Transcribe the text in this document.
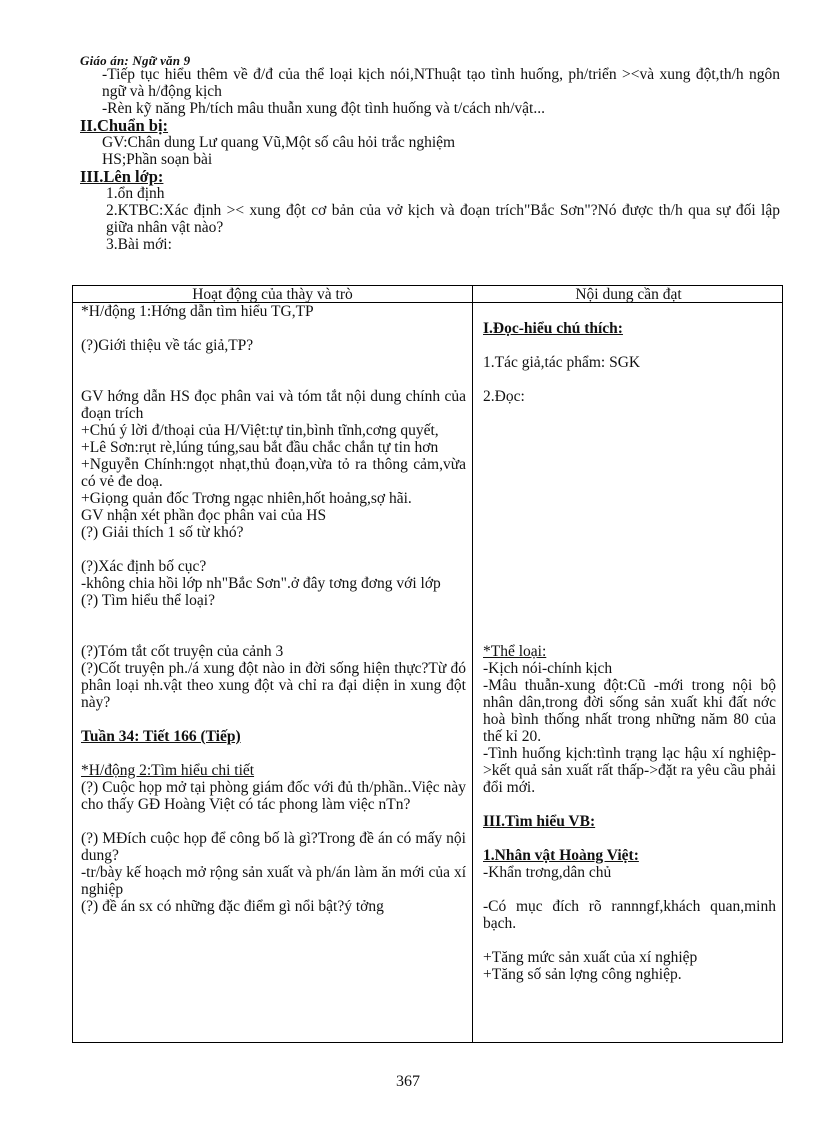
Giáo án: Ngữ văn 9

-Tiếp tục hiểu thêm về đ/đ của thể loại kịch nói,NThuật tạo tình huống, ph/triển ><và xung đột,th/h ngôn ngữ và h/động kịch

-Rèn kỹ năng Ph/tích mâu thuẫn xung đột tình huống và t/cách nh/vật...

II.Chuẩn bị:

GV:Chân dung Lư quang Vũ,Một số câu hỏi trắc nghiệm

HS;Phần soạn bài

III.Lên lớp:

1.ổn định

2.KTBC:Xác định >< xung đột cơ bản của vở kịch và đoạn trích"Bắc Sơn"?Nó được th/h qua sự đối lập giữa nhân vật nào?

3.Bài mới:

Hoạt động của thày và trò	Nội dung cần đạt

*H/động 1:Hớng dẫn tìm hiểu TG,TP

(?)Giới thiệu về tác giả,TP?

GV hớng dẫn HS đọc phân vai và tóm tắt nội dung chính của đoạn trích

+Chú ý lời đ/thoại của H/Việt:tự tin,bình tĩnh,cơng quyết,

+Lê Sơn:rụt rè,lúng túng,sau bắt đầu chắc chắn tự tin hơn

+Nguyễn Chính:ngọt nhạt,thủ đoạn,vừa tỏ ra thông cảm,vừa có vẻ đe doạ.

+Giọng quản đốc Trơng ngạc nhiên,hốt hoảng,sợ hãi.

GV nhận xét phần đọc phân vai của HS

(?) Giải thích 1 số từ khó?

(?)Xác định bố cục?

-không chia hồi lớp nh"Bắc Sơn".ở đây tơng đơng với lớp

(?) Tìm hiểu thể loại?

(?)Tóm tắt cốt truyện của cảnh 3

(?)Cốt truyện ph./á xung đột nào in đời sống hiện thực?Từ đó phân loại nh.vật theo xung đột và chỉ ra đại diện in xung đột này?

Tuần 34: Tiết 166 (Tiếp)

*H/động 2:Tìm hiểu chi tiết

(?) Cuộc họp mở tại phòng giám đốc với đủ th/phần..Việc này cho thấy GĐ Hoàng Việt có tác phong làm việc nTn?

(?) MĐích cuộc họp để công bố là gì?Trong đề án có mấy nội dung?

-tr/bày kế hoạch mở rộng sản xuất và ph/án làm ăn mới của xí nghiệp

(?) đề án sx có những đặc điểm gì nổi bật?ý tởng

I.Đọc-hiểu chú thích:

1.Tác giả,tác phẩm: SGK

2.Đọc:

*Thể loại:

-Kịch nói-chính kịch

-Mâu thuẫn-xung đột:Cũ -mới trong nội bộ nhân dân,trong đời sống sản xuất khi đất nớc hoà bình thống nhất trong những năm 80 của thế kỉ 20.

-Tình huống kịch:tình trạng lạc hậu xí nghiệp->kết quả sản xuất rất thấp->đặt ra yêu cầu phải đổi mới.

III.Tìm hiểu VB:

1.Nhân vật Hoàng Việt:

-Khẩn trơng,dân chủ

-Có mục đích rõ rannngf,khách quan,minh bạch.

+Tăng mức sản xuất của xí nghiệp

+Tăng số sản lợng công nghiệp.

367
